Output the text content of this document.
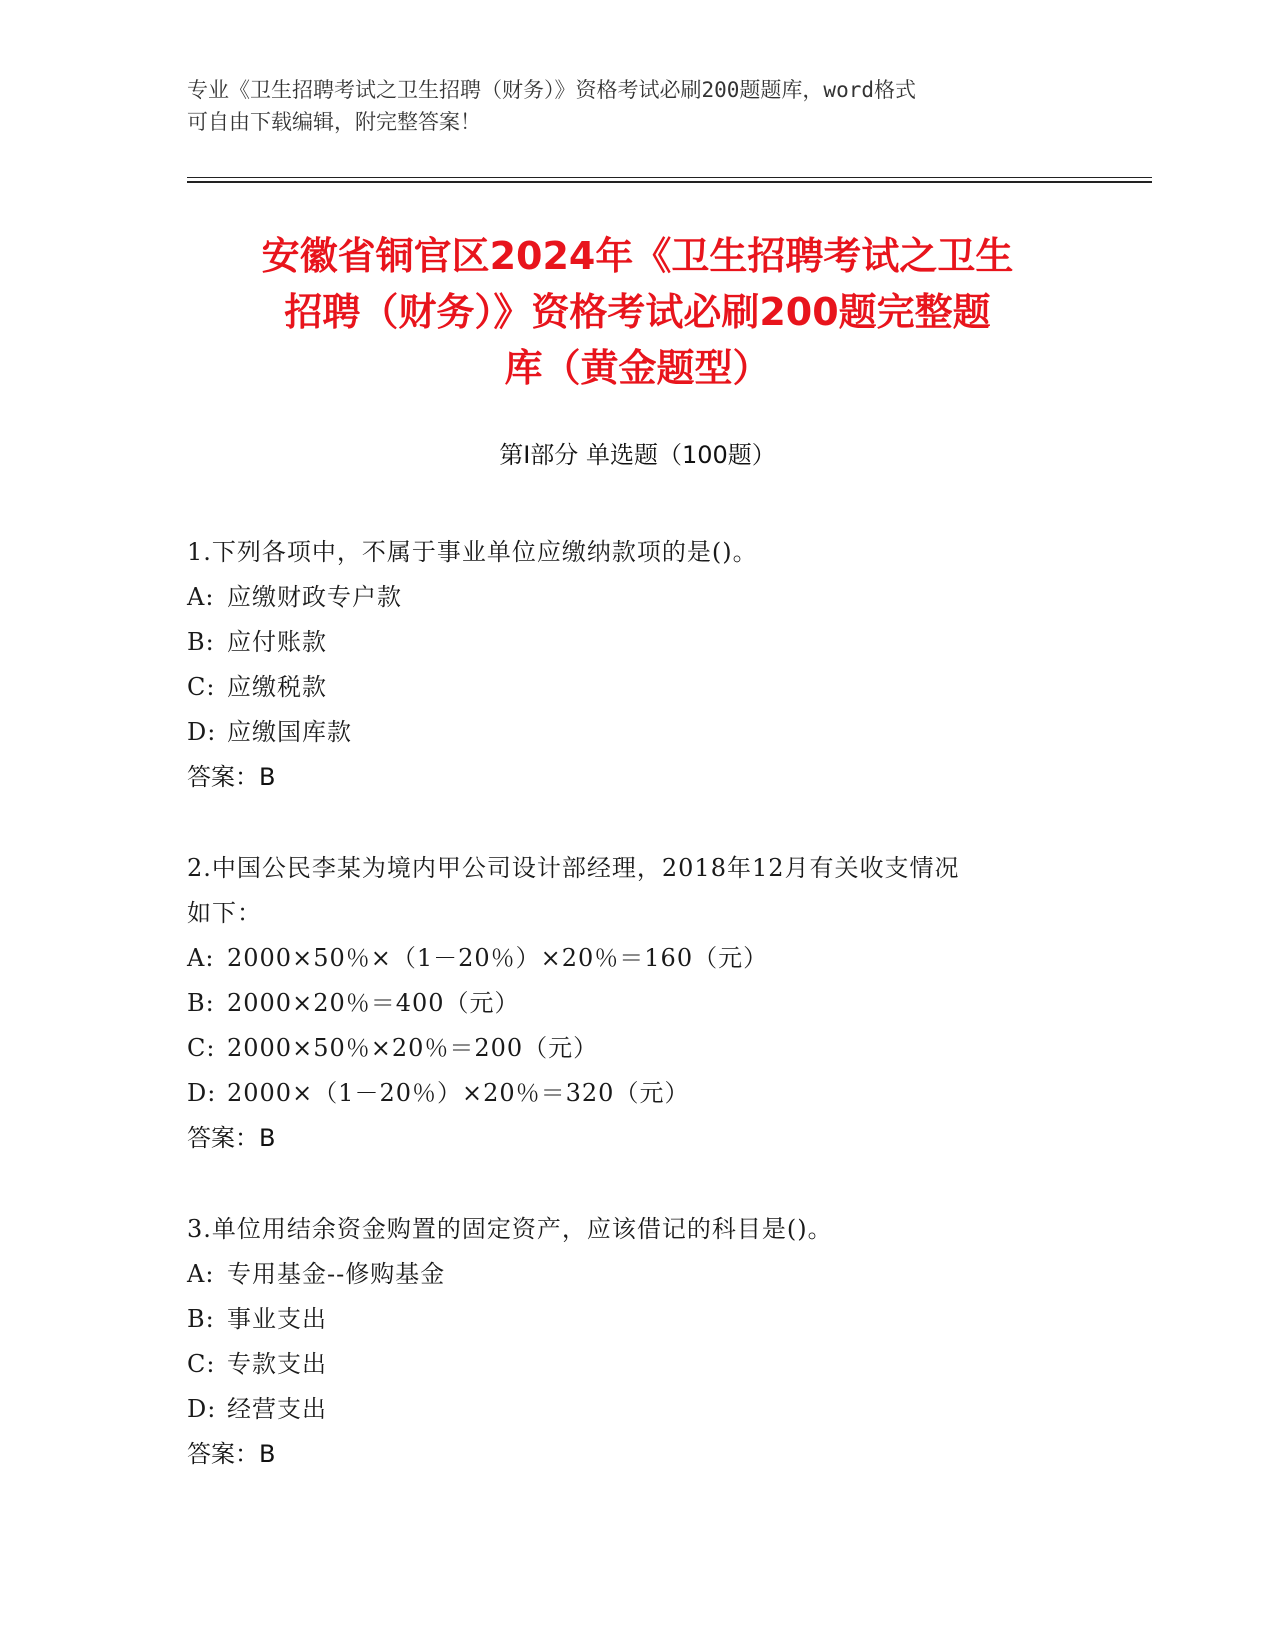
专业《卫生招聘考试之卫生招聘（财务）》资格考试必刷200题题库，word格式
可自由下载编辑，附完整答案！
安徽省铜官区2024年《卫生招聘考试之卫生
招聘（财务）》资格考试必刷200题完整题
库（黄金题型）
第Ⅰ部分 单选题（100题）
1.下列各项中，不属于事业单位应缴纳款项的是()。
A: 应缴财政专户款
B: 应付账款
C: 应缴税款
D: 应缴国库款
答案：B
2.中国公民李某为境内甲公司设计部经理，2018年12月有关收支情况
如下：
A: 2000×50％×（1－20％）×20％＝160（元）
B: 2000×20％＝400（元）
C: 2000×50％×20％＝200（元）
D: 2000×（1－20％）×20％＝320（元）
答案：B
3.单位用结余资金购置的固定资产，应该借记的科目是()。
A: 专用基金--修购基金
B: 事业支出
C: 专款支出
D: 经营支出
答案：B
